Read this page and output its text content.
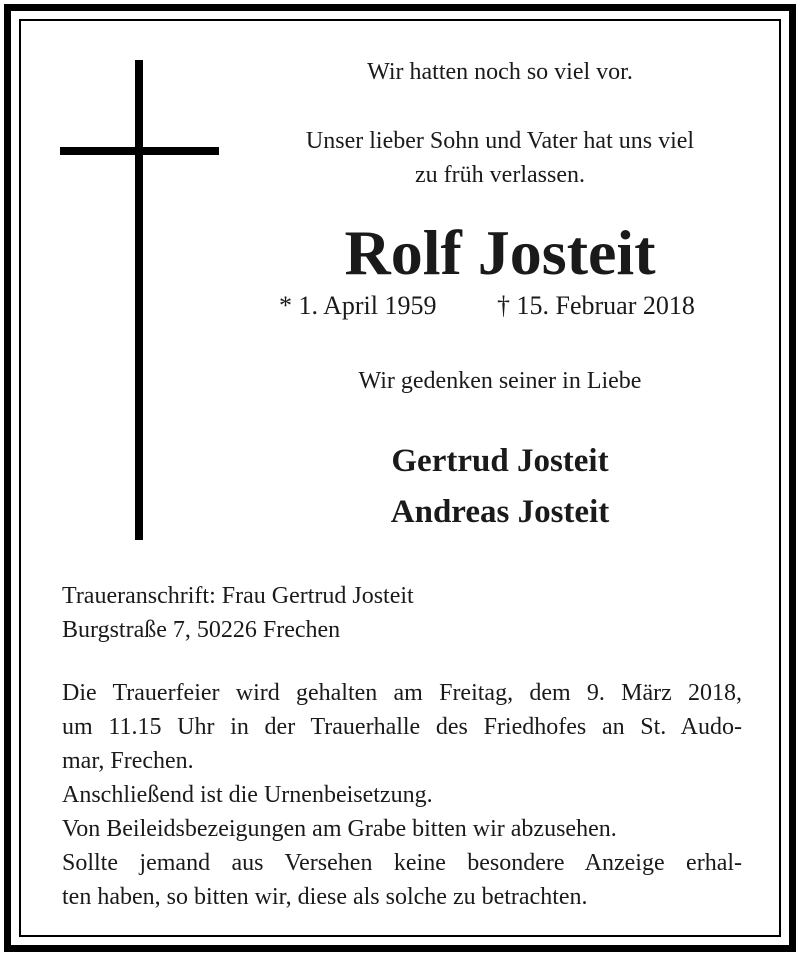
Wir hatten noch so viel vor.
Unser lieber Sohn und Vater hat uns viel
zu früh verlassen.
Rolf Josteit
* 1. April 1959 † 15. Februar 2018
Wir gedenken seiner in Liebe
Gertrud Josteit
Andreas Josteit
Traueranschrift: Frau Gertrud Josteit
Burgstraße 7, 50226 Frechen
Die Trauerfeier wird gehalten am Freitag, dem 9. März 2018,
um 11.15 Uhr in der Trauerhalle des Friedhofes an St. Audo-
mar, Frechen.
Anschließend ist die Urnenbeisetzung.
Von Beileidsbezeigungen am Grabe bitten wir abzusehen.
Sollte jemand aus Versehen keine besondere Anzeige erhal-
ten haben, so bitten wir, diese als solche zu betrachten.
